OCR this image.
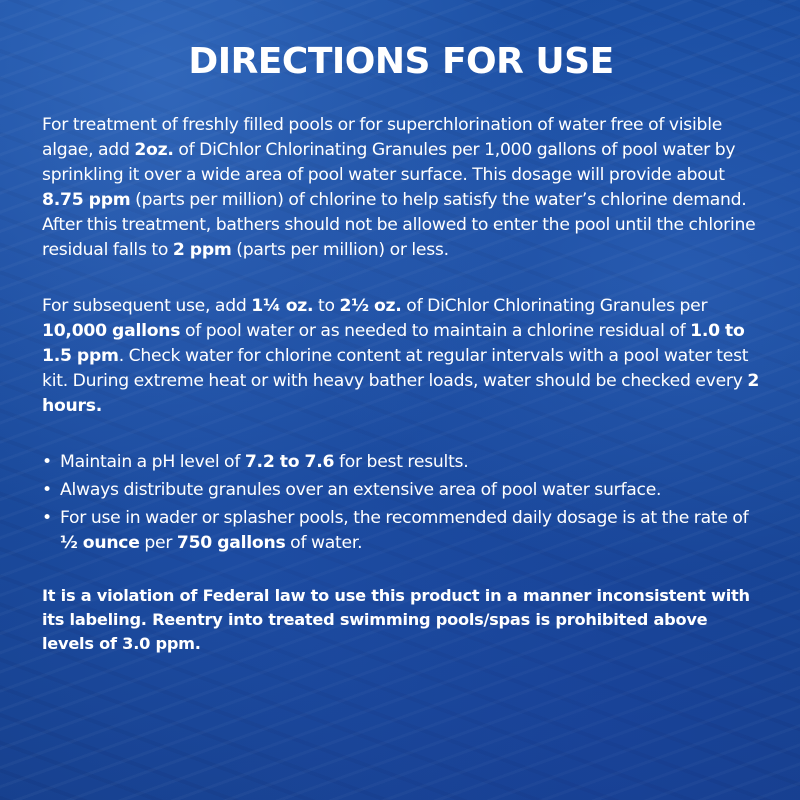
DIRECTIONS FOR USE

For treatment of freshly filled pools or for superchlorination of water free of visible algae, add 2oz. of DiChlor Chlorinating Granules per 1,000 gallons of pool water by sprinkling it over a wide area of pool water surface. This dosage will provide about 8.75 ppm (parts per million) of chlorine to help satisfy the water’s chlorine demand. After this treatment, bathers should not be allowed to enter the pool until the chlorine residual falls to 2 ppm (parts per million) or less.

For subsequent use, add 1¼ oz. to 2½ oz. of DiChlor Chlorinating Granules per 10,000 gallons of pool water or as needed to maintain a chlorine residual of 1.0 to 1.5 ppm. Check water for chlorine content at regular intervals with a pool water test kit. During extreme heat or with heavy bather loads, water should be checked every 2 hours.

• Maintain a pH level of 7.2 to 7.6 for best results.
• Always distribute granules over an extensive area of pool water surface.
• For use in wader or splasher pools, the recommended daily dosage is at the rate of ½ ounce per 750 gallons of water.

It is a violation of Federal law to use this product in a manner inconsistent with its labeling. Reentry into treated swimming pools/spas is prohibited above levels of 3.0 ppm.
